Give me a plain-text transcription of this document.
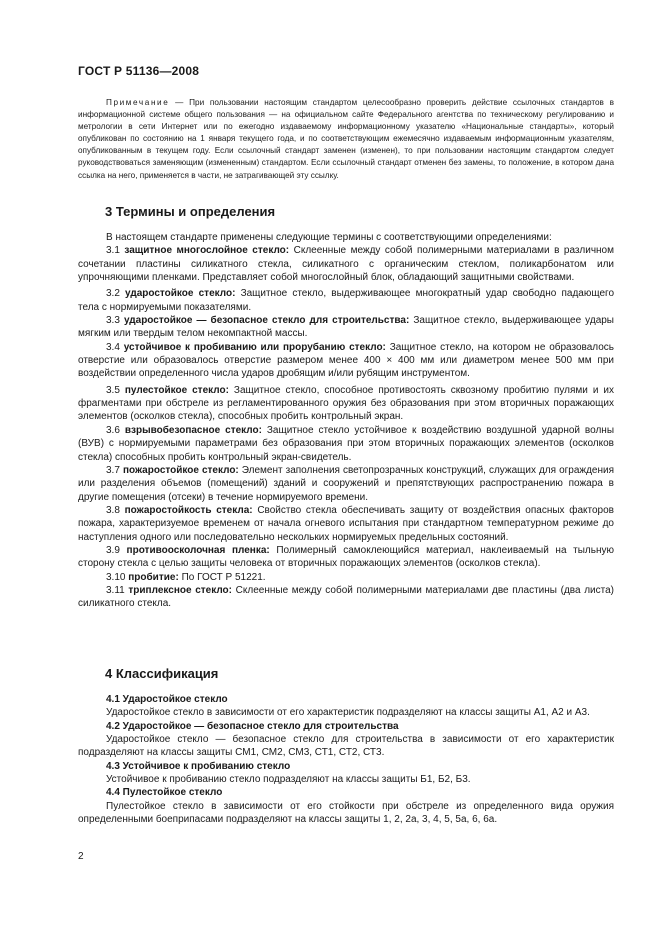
ГОСТ Р 51136—2008
Примечание — При пользовании настоящим стандартом целесообразно проверить действие ссылочных стандартов в информационной системе общего пользования — на официальном сайте Федерального агентства по техническому регулированию и метрологии в сети Интернет или по ежегодно издаваемому информационному указателю «Национальные стандарты», который опубликован по состоянию на 1 января текущего года, и по соответствующим ежемесячно издаваемым информационным указателям, опубликованным в текущем году. Если ссылочный стандарт заменен (изменен), то при пользовании настоящим стандартом следует руководствоваться заменяющим (измененным) стандартом. Если ссылочный стандарт отменен без замены, то положение, в котором дана ссылка на него, применяется в части, не затрагивающей эту ссылку.
3 Термины и определения

В настоящем стандарте применены следующие термины с соответствующими определениями:

3.1 защитное многослойное стекло: Склеенные между собой полимерными материалами в различном сочетании пластины силикатного стекла, силикатного с органическим стеклом, поликарбонатом или упрочняющими пленками. Представляет собой многослойный блок, обладающий защитными свойствами.

3.2 ударостойкое стекло: Защитное стекло, выдерживающее многократный удар свободно падающего тела с нормируемыми показателями.

3.3 ударостойкое — безопасное стекло для строительства: Защитное стекло, выдерживающее удары мягким или твердым телом некомпактной массы.

3.4 устойчивое к пробиванию или прорубанию стекло: Защитное стекло, на котором не образовалось отверстие или образовалось отверстие размером менее 400 × 400 мм или диаметром менее 500 мм при воздействии определенного числа ударов дробящим и/или рубящим инструментом.

3.5 пулестойкое стекло: Защитное стекло, способное противостоять сквозному пробитию пулями и их фрагментами при обстреле из регламентированного оружия без образования при этом вторичных поражающих элементов (осколков стекла), способных пробить контрольный экран.

3.6 взрывобезопасное стекло: Защитное стекло устойчивое к воздействию воздушной ударной волны (ВУВ) с нормируемыми параметрами без образования при этом вторичных поражающих элементов (осколков стекла) способных пробить контрольный экран-свидетель.

3.7 пожаростойкое стекло: Элемент заполнения светопрозрачных конструкций, служащих для ограждения или разделения объемов (помещений) зданий и сооружений и препятствующих распространению пожара в другие помещения (отсеки) в течение нормируемого времени.

3.8 пожаростойкость стекла: Свойство стекла обеспечивать защиту от воздействия опасных факторов пожара, характеризуемое временем от начала огневого испытания при стандартном температурном режиме до наступления одного или последовательно нескольких нормируемых предельных состояний.

3.9 противоосколочная пленка: Полимерный самоклеющийся материал, наклеиваемый на тыльную сторону стекла с целью защиты человека от вторичных поражающих элементов (осколков стекла).

3.10 пробитие: По ГОСТ Р 51221.

3.11 триплексное стекло: Склеенные между собой полимерными материалами две пластины (два листа) силикатного стекла.

4 Классификация

4.1 Ударостойкое стекло

Ударостойкое стекло в зависимости от его характеристик подразделяют на классы защиты А1, А2 и А3.

4.2 Ударостойкое — безопасное стекло для строительства

Ударостойкое стекло — безопасное стекло для строительства в зависимости от его характеристик подразделяют на классы защиты СМ1, СМ2, СМ3, СТ1, СТ2, СТ3.

4.3 Устойчивое к пробиванию стекло

Устойчивое к пробиванию стекло подразделяют на классы защиты Б1, Б2, Б3.

4.4 Пулестойкое стекло

Пулестойкое стекло в зависимости от его стойкости при обстреле из определенного вида оружия определенными боеприпасами подразделяют на классы защиты 1, 2, 2а, 3, 4, 5, 5а, 6, 6а.

2
